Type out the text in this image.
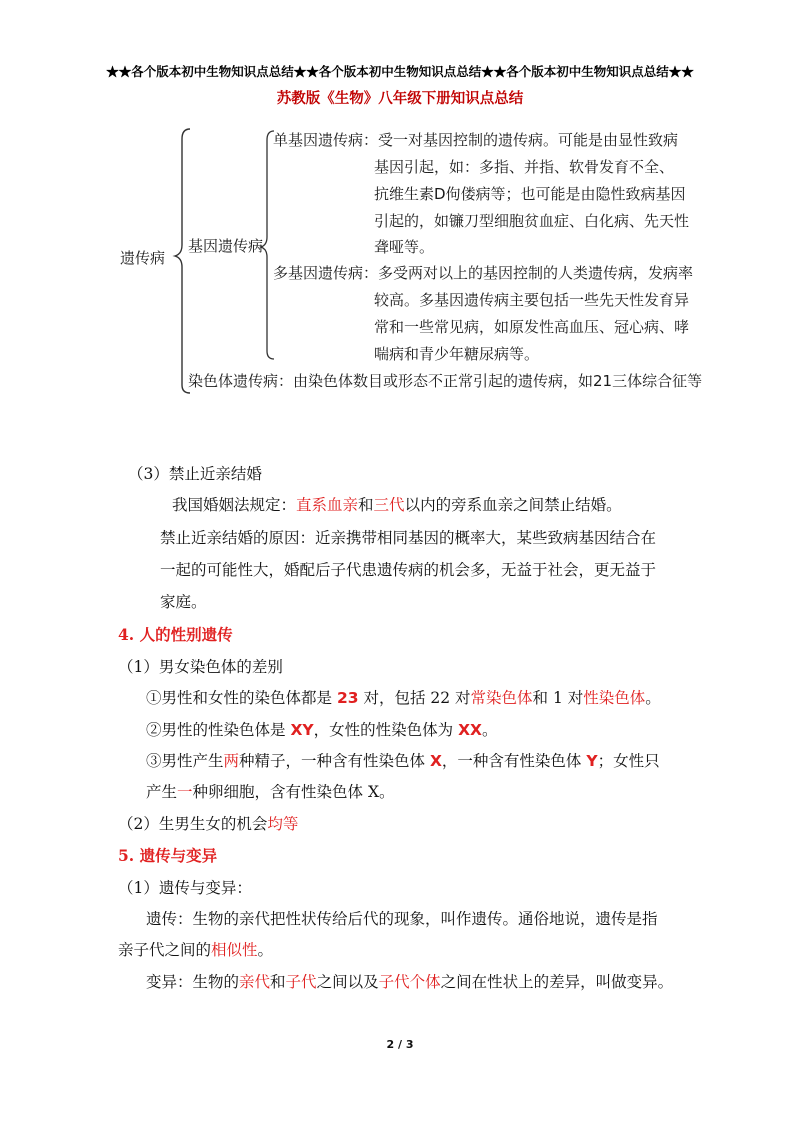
★★各个版本初中生物知识点总结★★各个版本初中生物知识点总结★★各个版本初中生物知识点总结★★
苏教版《生物》八年级下册知识点总结
遗传病
基因遗传病
单基因遗传病：受一对基因控制的遗传病。可能是由显性致病
基因引起，如：多指、并指、软骨发育不全、
抗维生素D佝偻病等；也可能是由隐性致病基因
引起的，如镰刀型细胞贫血症、白化病、先天性
聋哑等。
多基因遗传病：多受两对以上的基因控制的人类遗传病，发病率
较高。多基因遗传病主要包括一些先天性发育异
常和一些常见病，如原发性高血压、冠心病、哮
喘病和青少年糖尿病等。
染色体遗传病：由染色体数目或形态不正常引起的遗传病，如21三体综合征等
（3）禁止近亲结婚
我国婚姻法规定：直系血亲和三代以内的旁系血亲之间禁止结婚。
禁止近亲结婚的原因：近亲携带相同基因的概率大，某些致病基因结合在
一起的可能性大，婚配后子代患遗传病的机会多，无益于社会，更无益于
家庭。
4. 人的性别遗传
（1）男女染色体的差别
①男性和女性的染色体都是 23 对，包括 22 对常染色体和 1 对性染色体。
②男性的性染色体是 XY，女性的性染色体为 XX。
③男性产生两种精子，一种含有性染色体 X，一种含有性染色体 Y；女性只
产生一种卵细胞，含有性染色体 X。
（2）生男生女的机会均等
5. 遗传与变异
（1）遗传与变异：
遗传：生物的亲代把性状传给后代的现象，叫作遗传。通俗地说，遗传是指
亲子代之间的相似性。
变异：生物的亲代和子代之间以及子代个体之间在性状上的差异，叫做变异。
2 / 3
